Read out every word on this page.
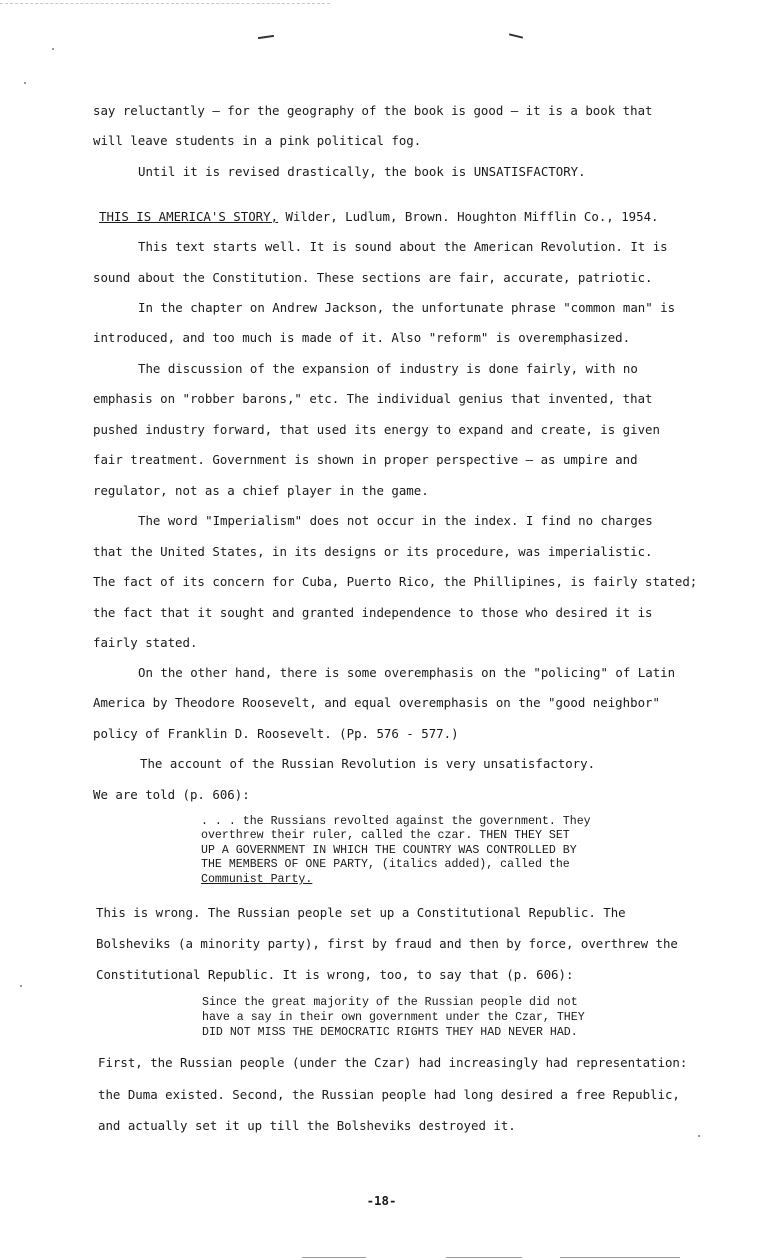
say reluctantly — for the geography of the book is good — it is a book that
will leave students in a pink political fog.
Until it is revised drastically, the book is UNSATISFACTORY.
THIS IS AMERICA'S STORY, Wilder, Ludlum, Brown. Houghton Mifflin Co., 1954.
This text starts well. It is sound about the American Revolution. It is
sound about the Constitution. These sections are fair, accurate, patriotic.
In the chapter on Andrew Jackson, the unfortunate phrase "common man" is
introduced, and too much is made of it. Also "reform" is overemphasized.
The discussion of the expansion of industry is done fairly, with no
emphasis on "robber barons," etc. The individual genius that invented, that
pushed industry forward, that used its energy to expand and create, is given
fair treatment. Government is shown in proper perspective — as umpire and
regulator, not as a chief player in the game.
The word "Imperialism" does not occur in the index. I find no charges
that the United States, in its designs or its procedure, was imperialistic.
The fact of its concern for Cuba, Puerto Rico, the Phillipines, is fairly stated;
the fact that it sought and granted independence to those who desired it is
fairly stated.
On the other hand, there is some overemphasis on the "policing" of Latin
America by Theodore Roosevelt, and equal overemphasis on the "good neighbor"
policy of Franklin D. Roosevelt. (Pp. 576 - 577.)
The account of the Russian Revolution is very unsatisfactory.
We are told (p. 606):
. . . the Russians revolted against the government. They
overthrew their ruler, called the czar. THEN THEY SET
UP A GOVERNMENT IN WHICH THE COUNTRY WAS CONTROLLED BY
THE MEMBERS OF ONE PARTY, (italics added), called the
Communist Party.
This is wrong. The Russian people set up a Constitutional Republic. The
Bolsheviks (a minority party), first by fraud and then by force, overthrew the
Constitutional Republic. It is wrong, too, to say that (p. 606):
Since the great majority of the Russian people did not
have a say in their own government under the Czar, THEY
DID NOT MISS THE DEMOCRATIC RIGHTS THEY HAD NEVER HAD.
First, the Russian people (under the Czar) had increasingly had representation:
the Duma existed. Second, the Russian people had long desired a free Republic,
and actually set it up till the Bolsheviks destroyed it.
-18-
